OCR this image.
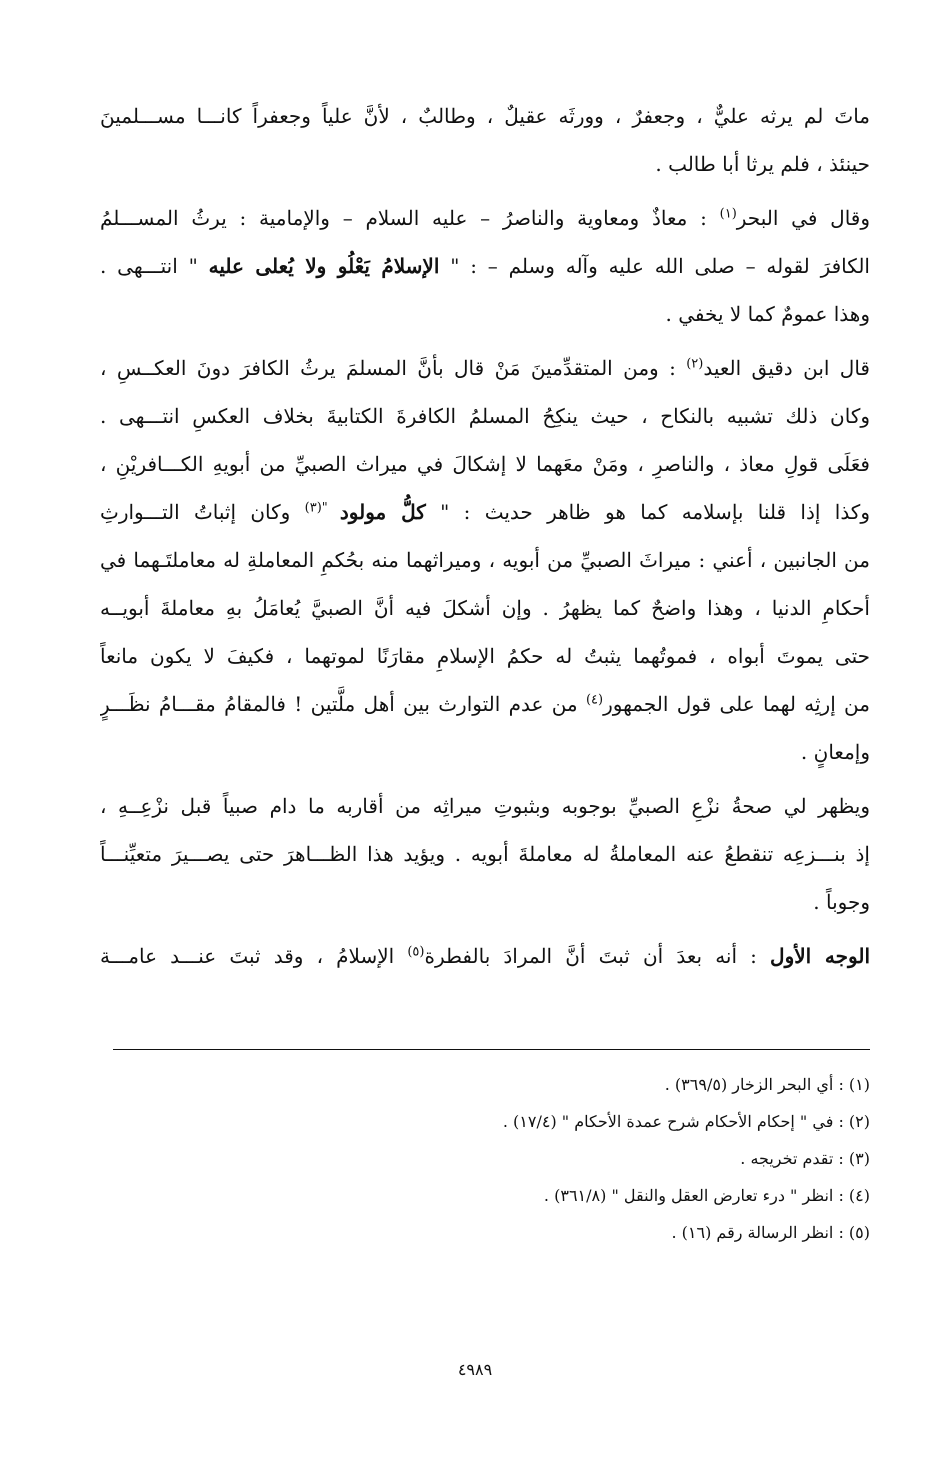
ماتَ لم يرثه عليٌّ ، وجعفرٌ ، وورثَه عقيلٌ ، وطالبٌ ، لأنَّ علياً وجعفراً كانـــا مســـلمينَ
حينئذ ، فلم يرثا أبا طالب .
وقال في البحر$^{(١)}$ : معاذٌ ومعاوية والناصرُ – عليه السلام – والإمامية : يرثُ المســـلمُ
الكافرَ لقوله – صلى الله عليه وآله وسلم – : " الإسلامُ يَعْلُو ولا يُعلى عليه " انتـــهى .
وهذا عمومٌ كما لا يخفي .
قال ابن دقيق العيد$^{(٢)}$ : ومن المتقدِّمينَ مَنْ قال بأنَّ المسلمَ يرثُ الكافرَ دونَ العكــسِ ،
وكان ذلك تشبيه بالنكاح ، حيث ينكِحُ المسلمُ الكافرةَ الكتابيةَ بخلاف العكسِ انتـــهى .
فعَلَى قولِ معاذ ، والناصرِ ، ومَنْ معَهما لا إشكالَ في ميراث الصبيِّ من أبويهِ الكـــافريْنِ ،
وكذا إذا قلنا بإسلامه كما هو ظاهر حديث : " كلُّ مولود $^{"(٣)}$ وكان إثباتُ التـــوارثِ
من الجانبين ، أعني : ميراثَ الصبيِّ من أبويه ، وميراثهما منه بحُكمِ المعاملةِ له معاملتَـهما في
أحكامِ الدنيا ، وهذا واضحٌ كما يظهرُ . وإن أشكلَ فيه أنَّ الصبيَّ يُعامَلُ بهِ معاملةَ أبويــه
حتى يموتَ أبواه ، فموتُهما يثبتُ له حكمُ الإسلامِ مقارَنًا لموتهما ، فكيفَ لا يكون مانعاً
من إرثِه لهما على قول الجمهور$^{(٤)}$ من عدم التوارث بين أهل ملَّتين ! فالمقامُ مقـــامُ نظَـــرٍ
وإمعانٍ .
ويظهر لي صحةُ نزْعِ الصبيِّ بوجوبه وبثبوتِ ميراثِه من أقاربه ما دام صبياً قبل نزْعِــهِ ،
إذ بنـــزعِه تنقطعُ عنه المعاملةُ له معاملةَ أبويه . ويؤيد هذا الظـــاهرَ حتى يصـــيرَ متعيِّنـــاً
وجوباً .
الوجه الأول : أنه بعدَ أن ثبتَ أنَّ المرادَ بالفطرة$^{(٥)}$ الإسلامُ ، وقد ثبتَ عنـــد عامـــة
(١) : أي البحر الزخار (٣٦٩/٥) .
(٢) : في " إحكام الأحكام شرح عمدة الأحكام " (١٧/٤) .
(٣) : تقدم تخريجه .
(٤) : انظر " درء تعارض العقل والنقل " (٣٦١/٨) .
(٥) : انظر الرسالة رقم (١٦) .
٤٩٨٩
